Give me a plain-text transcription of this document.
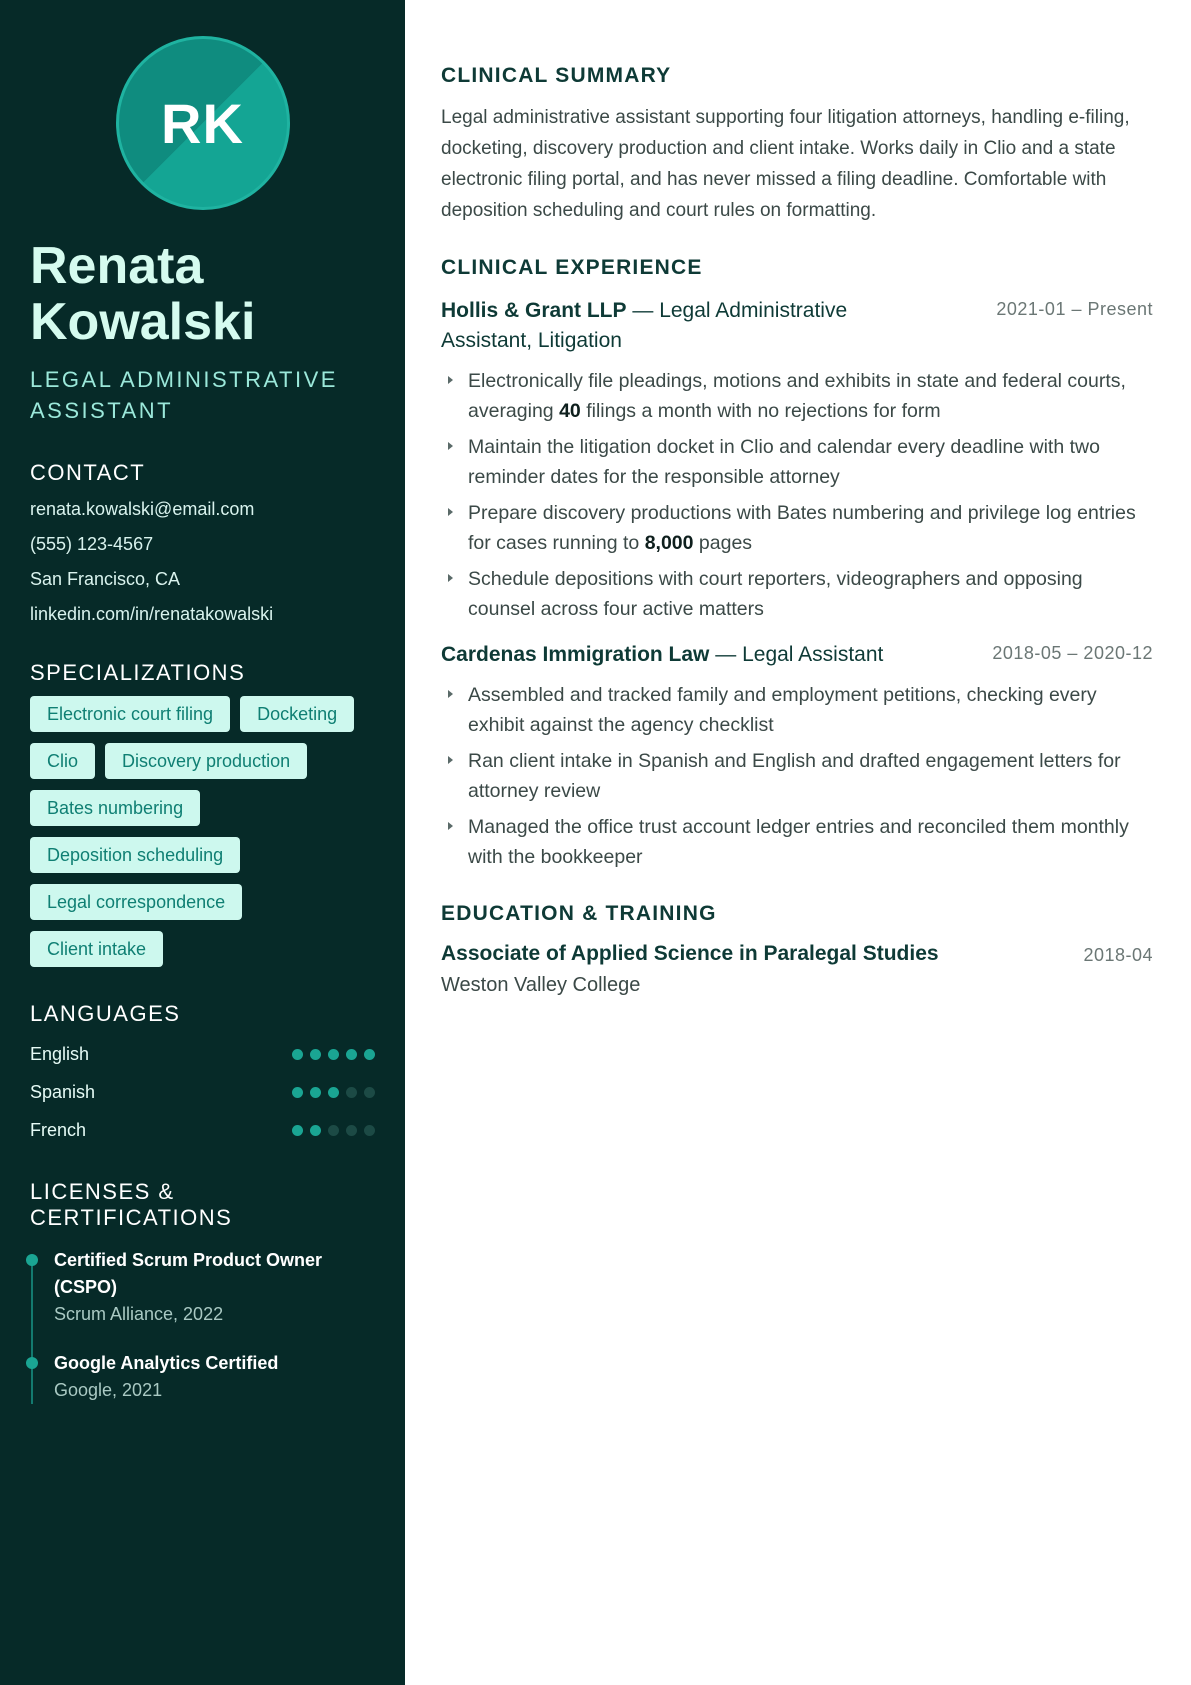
RK
Renata
Kowalski
LEGAL ADMINISTRATIVE ASSISTANT
CONTACT
renata.kowalski@email.com
(555) 123-4567
San Francisco, CA
linkedin.com/in/renatakowalski
SPECIALIZATIONS
Electronic court filing	Docketing
Clio	Discovery production
Bates numbering
Deposition scheduling
Legal correspondence
Client intake
LANGUAGES
English
Spanish
French
LICENSES & CERTIFICATIONS
Certified Scrum Product Owner (CSPO)
Scrum Alliance, 2022
Google Analytics Certified
Google, 2021
CLINICAL SUMMARY

Legal administrative assistant supporting four litigation attorneys, handling e-filing, docketing, discovery production and client intake. Works daily in Clio and a state electronic filing portal, and has never missed a filing deadline. Comfortable with deposition scheduling and court rules on formatting.

CLINICAL EXPERIENCE
Hollis & Grant LLP — Legal Administrative Assistant, Litigation
2021-01 – Present
Electronically file pleadings, motions and exhibits in state and federal courts, averaging 40 filings a month with no rejections for form
Maintain the litigation docket in Clio and calendar every deadline with two reminder dates for the responsible attorney
Prepare discovery productions with Bates numbering and privilege log entries for cases running to 8,000 pages
Schedule depositions with court reporters, videographers and opposing counsel across four active matters
Cardenas Immigration Law — Legal Assistant	2018-05 – 2020-12
Assembled and tracked family and employment petitions, checking every exhibit against the agency checklist
Ran client intake in Spanish and English and drafted engagement letters for attorney review
Managed the office trust account ledger entries and reconciled them monthly with the bookkeeper
EDUCATION & TRAINING
Associate of Applied Science in Paralegal Studies	2018-04
Weston Valley College
